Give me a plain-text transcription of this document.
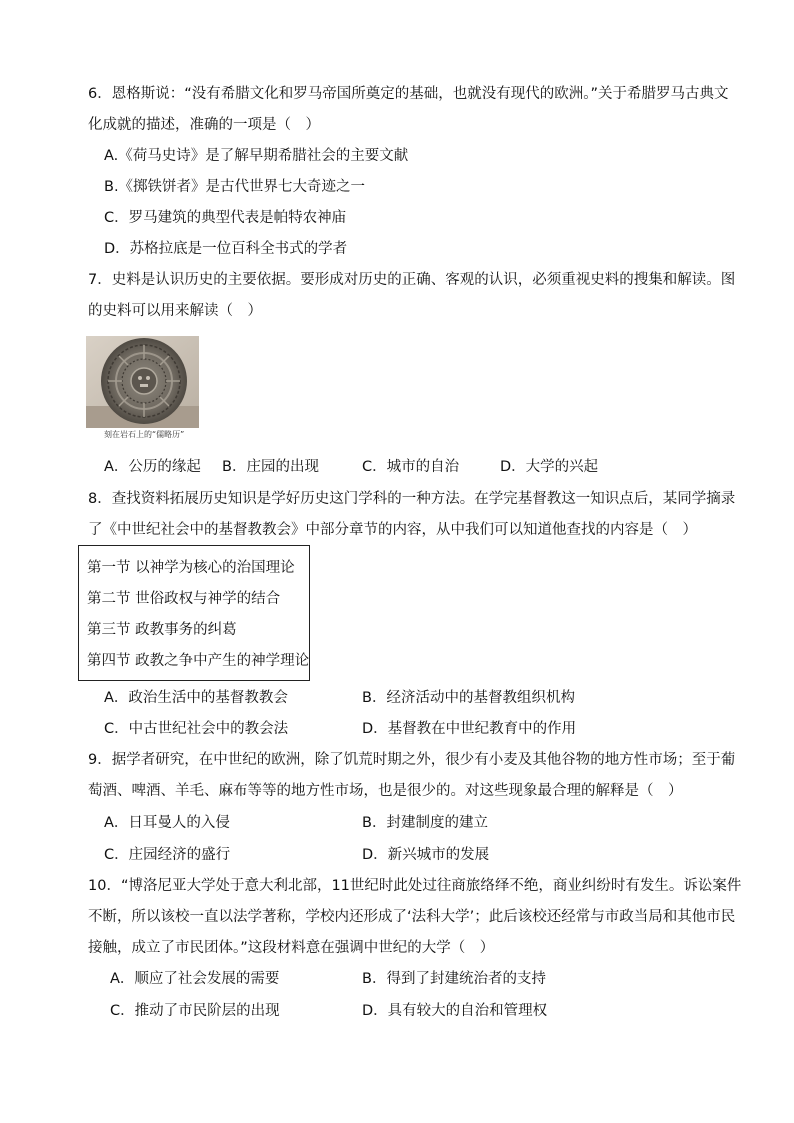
6．恩格斯说：“没有希腊文化和罗马帝国所奠定的基础，也就没有现代的欧洲。”关于希腊罗马古典文
化成就的描述，准确的一项是（　）
A.《荷马史诗》是了解早期希腊社会的主要文献
B.《掷铁饼者》是古代世界七大奇迹之一
C．罗马建筑的典型代表是帕特农神庙
D．苏格拉底是一位百科全书式的学者
7．史料是认识历史的主要依据。要形成对历史的正确、客观的认识，必须重视史料的搜集和解读。图
的史料可以用来解读（　）
刻在岩石上的“儒略历”
A．公历的缘起 B．庄园的出现	C．城市的自治	D．大学的兴起
8．查找资料拓展历史知识是学好历史这门学科的一种方法。在学完基督教这一知识点后，某同学摘录
了《中世纪社会中的基督教教会》中部分章节的内容，从中我们可以知道他查找的内容是（　）
第一节 以神学为核心的治国理论
第二节 世俗政权与神学的结合
第三节 政教事务的纠葛
第四节 政教之争中产生的神学理论
A．政治生活中的基督教教会	B．经济活动中的基督教组织机构
C．中古世纪社会中的教会法	D．基督教在中世纪教育中的作用
9．据学者研究，在中世纪的欧洲，除了饥荒时期之外，很少有小麦及其他谷物的地方性市场；至于葡
萄酒、啤酒、羊毛、麻布等等的地方性市场，也是很少的。对这些现象最合理的解释是（　）
A．日耳曼人的入侵	B．封建制度的建立
C．庄园经济的盛行	D．新兴城市的发展
10．“博洛尼亚大学处于意大利北部，11世纪时此处过往商旅络绎不绝，商业纠纷时有发生。诉讼案件
不断，所以该校一直以法学著称，学校内还形成了‘法科大学’；此后该校还经常与市政当局和其他市民
接触，成立了市民团体。”这段材料意在强调中世纪的大学（　）
A．顺应了社会发展的需要	B．得到了封建统治者的支持
C．推动了市民阶层的出现	D．具有较大的自治和管理权
